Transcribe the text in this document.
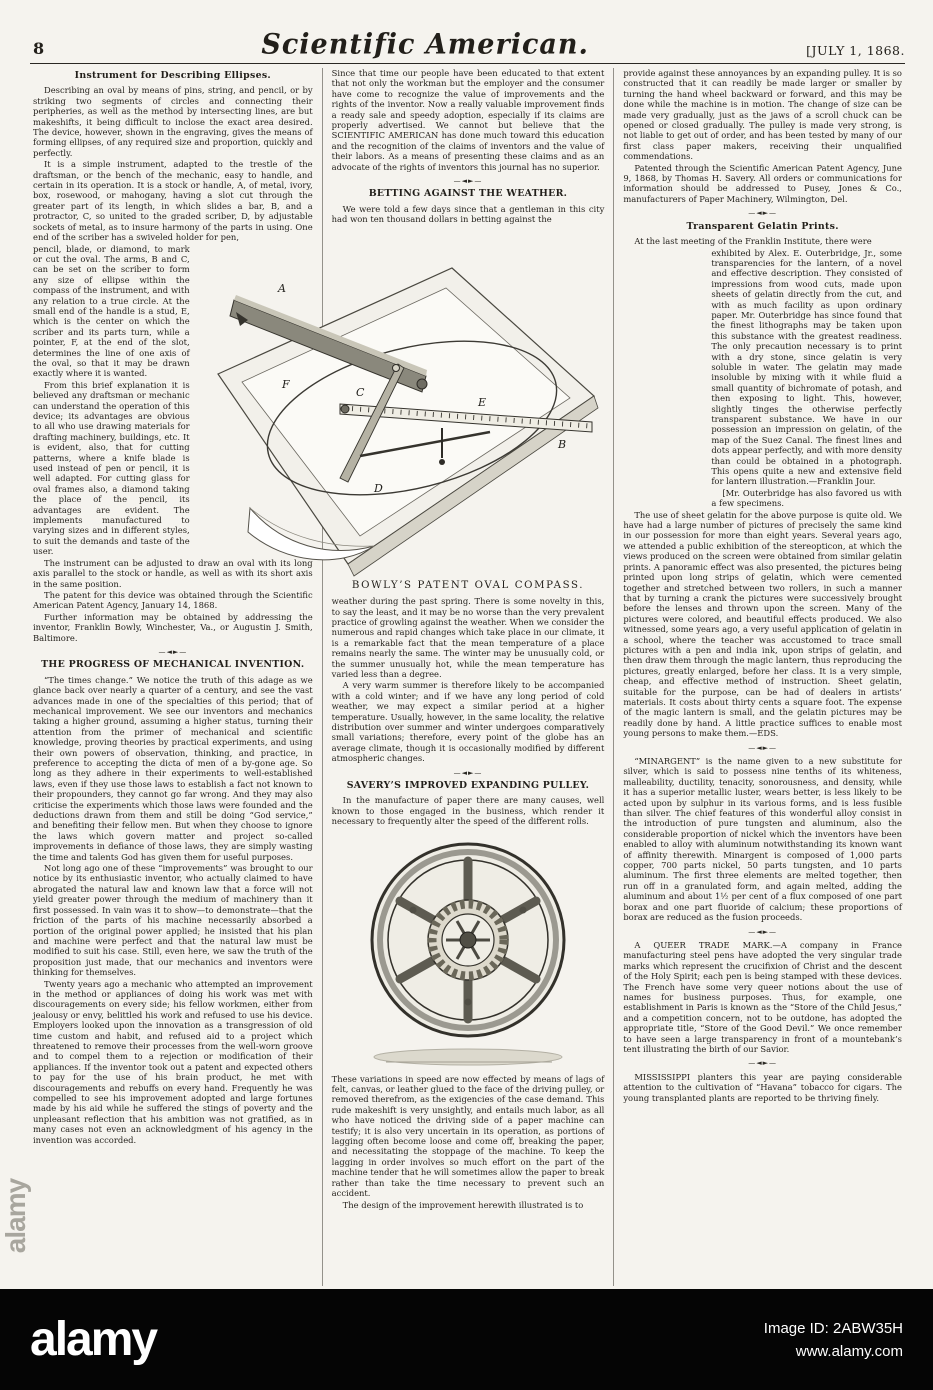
8	Scientific American.	[JULY 1, 1868.
Instrument for Describing Ellipses.

Describing an oval by means of pins, string, and pencil, or by striking two segments of circles and connecting their peripheries, as well as the method by intersecting lines, are but makeshifts, it being difficult to inclose the exact area desired. The device, however, shown in the engraving, gives the means of forming ellipses, of any required size and proportion, quickly and perfectly.

It is a simple instrument, adapted to the trestle of the draftsman, or the bench of the mechanic, easy to handle, and certain in its operation. It is a stock or handle, A, of metal, ivory, box, rosewood, or mahogany, having a slot cut through the greater part of its length, in which slides a bar, B, and a protractor, C, so united to the graded scriber, D, by adjustable sockets of metal, as to insure harmony of the parts in using. One end of the scriber has a swiveled holder for pen,

pencil, blade, or diamond, to mark or cut the oval. The arms, B and C, can be set on the scriber to form any size of ellipse within the compass of the instrument, and with any relation to a true circle. At the small end of the handle is a stud, E, which is the center on which the scriber and its parts turn, while a pointer, F, at the end of the slot, determines the line of one axis of the oval, so that it may be drawn exactly where it is wanted.

From this brief explanation it is believed any draftsman or mechanic can understand the operation of this device; its advantages are obvious to all who use drawing materials for drafting machinery, buildings, etc. It is evident, also, that for cutting patterns, where a knife blade is used instead of pen or pencil, it is well adapted. For cutting glass for oval frames also, a diamond taking the place of the pencil, its advantages are evident. The implements manufactured to varying sizes and in different styles, to suit the demands and taste of the user.

The instrument can be adjusted to draw an oval with its long axis parallel to the stock or handle, as well as with its short axis in the same position.

The patent for this device was obtained through the Scientific American Patent Agency, January 14, 1868.

Further information may be obtained by addressing the inventor, Franklin Bowly, Winchester, Va., or Augustin J. Smith, Baltimore.

—◄►—
THE PROGRESS OF MECHANICAL INVENTION.

“The times change.” We notice the truth of this adage as we glance back over nearly a quarter of a century, and see the vast advances made in one of the specialties of this period; that of mechanical improvement. We see our inventors and mechanics taking a higher ground, assuming a higher status, turning their attention from the primer of mechanical and scientific knowledge, proving theories by practical experiments, and using their own powers of observation, thinking, and practice, in preference to accepting the dicta of men of a by-gone age. So long as they adhere in their experiments to well-established laws, even if they use those laws to establish a fact not known to their propounders, they cannot go far wrong. And they may also criticise the experiments which those laws were founded and the deductions drawn from them and still be doing “God service,” and benefiting their fellow men. But when they choose to ignore the laws which govern matter and project so-called improvements in defiance of those laws, they are simply wasting the time and talents God has given them for useful purposes.

Not long ago one of these “improvements” was brought to our notice by its enthusiastic inventor, who actually claimed to have abrogated the natural law and known law that a force will not yield greater power through the medium of machinery than it first possessed. In vain was it to show—to demonstrate—that the friction of the parts of his machine necessarily absorbed a portion of the original power applied; he insisted that his plan and machine were perfect and that the natural law must be modified to suit his case. Still, even here, we saw the truth of the proposition just made, that our mechanics and inventors were thinking for themselves.

Twenty years ago a mechanic who attempted an improvement in the method or appliances of doing his work was met with discouragements on every side; his fellow workmen, either from jealousy or envy, belittled his work and refused to use his device. Employers looked upon the innovation as a transgression of old time custom and habit, and refused aid to a project which threatened to remove their processes from the well-worn groove and to compel them to a rejection or modification of their appliances. If the inventor took out a patent and expected others to pay for the use of his brain product, he met with discouragements and rebuffs on every hand. Frequently he was compelled to see his improvement adopted and large fortunes made by his aid while he suffered the stings of poverty and the unpleasant reflection that his ambition was not gratified, as in many cases not even an acknowledgment of his agency in the invention was accorded.

Since that time our people have been educated to that extent that not only the workman but the employer and the consumer have come to recognize the value of improvements and the rights of the inventor. Now a really valuable improvement finds a ready sale and speedy adoption, especially if its claims are properly advertised. We cannot but believe that the SCIENTIFIC AMERICAN has done much toward this education and the recognition of the claims of inventors and the value of their labors. As a means of presenting these claims and as an advocate of the rights of inventors this journal has no superior.

—◄►—
BETTING AGAINST THE WEATHER.

We were told a few days since that a gentleman in this city had won ten thousand dollars in betting against the

BOWLY’S PATENT OVAL COMPASS.

weather during the past spring. There is some novelty in this, to say the least, and it may be no worse than the very prevalent practice of growling against the weather. When we consider the numerous and rapid changes which take place in our climate, it is a remarkable fact that the mean temperature of a place remains nearly the same. The winter may be unusually cold, or the summer unusually hot, while the mean temperature has varied less than a degree.

A very warm summer is therefore likely to be accompanied with a cold winter; and if we have any long period of cold weather, we may expect a similar period at a higher temperature. Usually, however, in the same locality, the relative distribution over summer and winter undergoes comparatively small variations; therefore, every point of the globe has an average climate, though it is occasionally modified by different atmospheric changes.

—◄►—
SAVERY’S IMPROVED EXPANDING PULLEY.

In the manufacture of paper there are many causes, well known to those engaged in the business, which render it necessary to frequently alter the speed of the different rolls.

These variations in speed are now effected by means of lags of felt, canvas, or leather glued to the face of the driving pulley, or removed therefrom, as the exigencies of the case demand. This rude makeshift is very unsightly, and entails much labor, as all who have noticed the driving side of a paper machine can testify; it is also very uncertain in its operation, as portions of lagging often become loose and come off, breaking the paper, and necessitating the stoppage of the machine. To keep the lagging in order involves so much effort on the part of the machine tender that he will sometimes allow the paper to break rather than take the time necessary to prevent such an accident.

The design of the improvement herewith illustrated is to

provide against these annoyances by an expanding pulley. It is so constructed that it can readily be made larger or smaller by turning the hand wheel backward or forward, and this may be done while the machine is in motion. The change of size can be made very gradually, just as the jaws of a scroll chuck can be opened or closed gradually. The pulley is made very strong, is not liable to get out of order, and has been tested by many of our first class paper makers, receiving their unqualified commendations.

Patented through the Scientific American Patent Agency, June 9, 1868, by Thomas H. Savery. All orders or communications for information should be addressed to Pusey, Jones & Co., manufacturers of Paper Machinery, Wilmington, Del.

—◄►—
Transparent Gelatin Prints.

At the last meeting of the Franklin Institute, there were

exhibited by Alex. E. Outerbridge, Jr., some transparencies for the lantern, of a novel and effective description. They consisted of impressions from wood cuts, made upon sheets of gelatin directly from the cut, and with as much facility as upon ordinary paper. Mr. Outerbridge has since found that the finest lithographs may be taken upon this substance with the greatest readiness. The only precaution necessary is to print with a dry stone, since gelatin is very soluble in water. The gelatin may made insoluble by mixing with it while fluid a small quantity of bichromate of potash, and then exposing to light. This, however, slightly tinges the otherwise perfectly transparent substance. We have in our possession an impression on gelatin, of the map of the Suez Canal. The finest lines and dots appear perfectly, and with more density than could be obtained in a photograph. This opens quite a new and extensive field for lantern illustration.—Franklin Jour.

[Mr. Outerbridge has also favored us with a few specimens.

The use of sheet gelatin for the above purpose is quite old. We have had a large number of pictures of precisely the same kind in our possession for more than eight years. Several years ago, we attended a public exhibition of the stereopticon, at which the views produced on the screen were obtained from similar gelatin prints. A panoramic effect was also presented, the pictures being printed upon long strips of gelatin, which were cemented together and stretched between two rollers, in such a manner that by turning a crank the pictures were successively brought before the lenses and thrown upon the screen. Many of the pictures were colored, and beautiful effects produced. We also witnessed, some years ago, a very useful application of gelatin in a school, where the teacher was accustomed to trace small pictures with a pen and india ink, upon strips of gelatin, and then draw them through the magic lantern, thus reproducing the pictures, greatly enlarged, before her class. It is a very simple, cheap, and effective method of instruction. Sheet gelatin, suitable for the purpose, can be had of dealers in artists’ materials. It costs about thirty cents a square foot. The expense of the magic lantern is small, and the gelatin pictures may be readily done by hand. A little practice suffices to enable most young persons to make them.—EDS.

—◄►—

“MINARGENT” is the name given to a new substitute for silver, which is said to possess nine tenths of its whiteness, malleability, ductility, tenacity, sonorousness, and density, while it has a superior metallic luster, wears better, is less likely to be acted upon by sulphur in its various forms, and is less fusible than silver. The chief features of this wonderful alloy consist in the introduction of pure tungsten and aluminum, also the considerable proportion of nickel which the inventors have been enabled to alloy with aluminum notwithstanding its known want of affinity therewith. Minargent is composed of 1,000 parts copper, 700 parts nickel, 50 parts tungsten, and 10 parts aluminum. The first three elements are melted together, then run off in a granulated form, and again melted, adding the aluminum and about 1½ per cent of a flux composed of one part borax and one part fluoride of calcium; these proportions of borax are reduced as the fusion proceeds.

—◄►—

A QUEER TRADE MARK.—A company in France manufacturing steel pens have adopted the very singular trade marks which represent the crucifixion of Christ and the descent of the Holy Spirit; each pen is being stamped with these devices. The French have some very queer notions about the use of names for business purposes. Thus, for example, one establishment in Paris is known as the “Store of the Child Jesus,” and a competition concern, not to be outdone, has adopted the appropriate title, “Store of the Good Devil.” We once remember to have seen a large transparency in front of a mountebank’s tent illustrating the birth of our Savior.

—◄►—

MISSISSIPPI planters this year are paying considerable attention to the cultivation of “Havana” tobacco for cigars. The young transplanted plants are reported to be thriving finely.

A
F
C
D
E
B
alamy
alamy	Image ID: 2ABW35H
www.alamy.com
